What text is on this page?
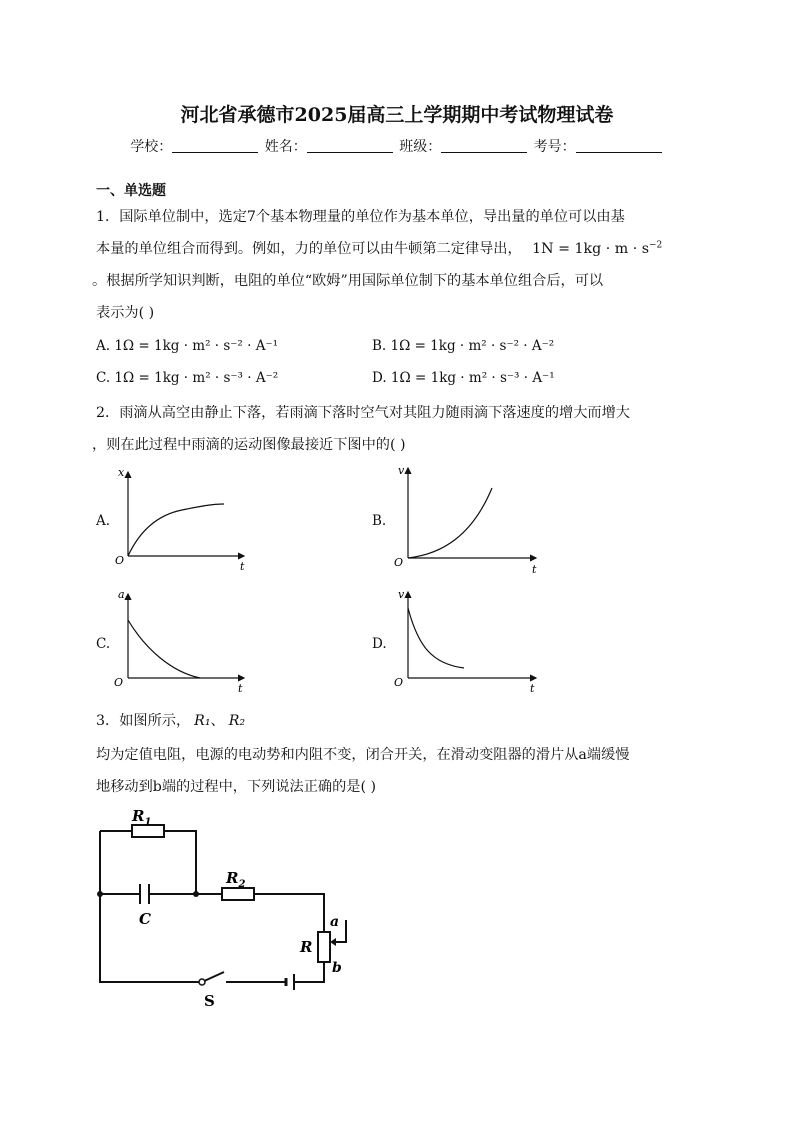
河北省承德市2025届高三上学期期中考试物理试卷
学校：	姓名：	班级：	考号：
一、单选题
1．国际单位制中，选定7个基本物理量的单位作为基本单位，导出量的单位可以由基
本量的单位组合而得到。例如，力的单位可以由牛顿第二定律导出， $1N = 1kg \cdot m \cdot s^{-2}$
。根据所学知识判断，电阻的单位“欧姆”用国际单位制下的基本单位组合后，可以
表示为( )
A. 1Ω = 1kg · m² · s⁻² · A⁻¹	B. 1Ω = 1kg · m² · s⁻² · A⁻²
C. 1Ω = 1kg · m² · s⁻³ · A⁻²	D. 1Ω = 1kg · m² · s⁻³ · A⁻¹
2．雨滴从高空由静止下落，若雨滴下落时空气对其阻力随雨滴下落速度的增大而增大
，则在此过程中雨滴的运动图像最接近下图中的( )
A.	B.
C.	D.
x
t
O
v
t
O
a
t
O
v
t
O
3．如图所示， R₁、 R₂
均为定值电阻，电源的电动势和内阻不变，闭合开关，在滑动变阻器的滑片从a端缓慢
地移动到b端的过程中，下列说法正确的是( )
$R_1$
$R_2$
C
R
a
b
S
